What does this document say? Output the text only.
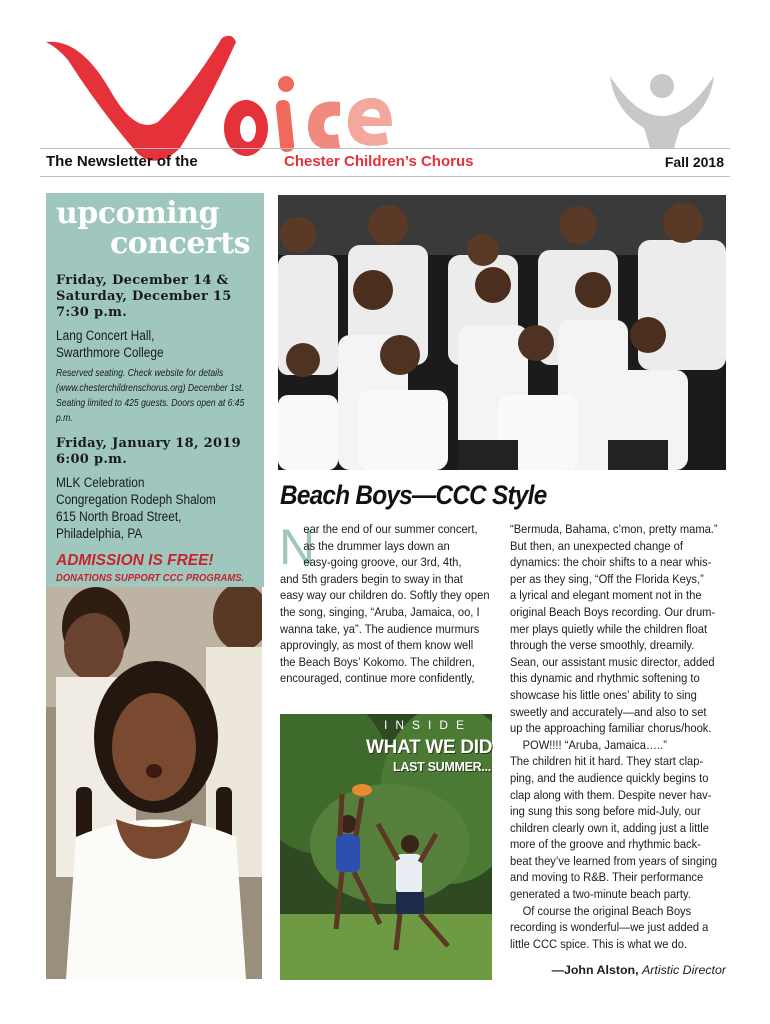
The Newsletter of the	Chester Children’s Chorus	Fall 2018
upcoming
concerts
Friday, December 14 &
Saturday, December 15
7:30 p.m.
Lang Concert Hall,
Swarthmore College
Reserved seating. Check website for details
(www.chesterchildrenschorus.org) December 1st.
Seating limited to 425 guests. Doors open at 6:45 p.m.
Friday, January 18, 2019
6:00 p.m.
MLK Celebration
Congregation Rodeph Shalom
615 North Broad Street,
Philadelphia, PA
ADMISSION IS FREE!
DONATIONS SUPPORT CCC PROGRAMS.
INSIDE
WHAT WE DID
LAST SUMMER...
Beach Boys—CCC Style
N
ear the end of our summer concert,
as the drummer lays down an
easy-going groove, our 3rd, 4th,
and 5th graders begin to sway in that
easy way our children do. Softly they open
the song, singing, “Aruba, Jamaica, oo, I
wanna take, ya”. The audience murmurs
approvingly, as most of them know well
the Beach Boys’ Kokomo. The children,
encouraged, continue more confidently,
“Bermuda, Bahama, c’mon, pretty mama.”
But then, an unexpected change of
dynamics: the choir shifts to a near whis-
per as they sing, “Off the Florida Keys,”
a lyrical and elegant moment not in the
original Beach Boys recording. Our drum-
mer plays quietly while the children float
through the verse smoothly, dreamily.
Sean, our assistant music director, added
this dynamic and rhythmic softening to
showcase his little ones’ ability to sing
sweetly and accurately—and also to set
up the approaching familiar chorus/hook.
POW!!!! “Aruba, Jamaica…..”
The children hit it hard. They start clap-
ping, and the audience quickly begins to
clap along with them. Despite never hav-
ing sung this song before mid-July, our
children clearly own it, adding just a little
more of the groove and rhythmic back-
beat they’ve learned from years of singing
and moving to R&B. Their performance
generated a two-minute beach party.
Of course the original Beach Boys
recording is wonderful—we just added a
little CCC spice. This is what we do.
—John Alston, Artistic Director
